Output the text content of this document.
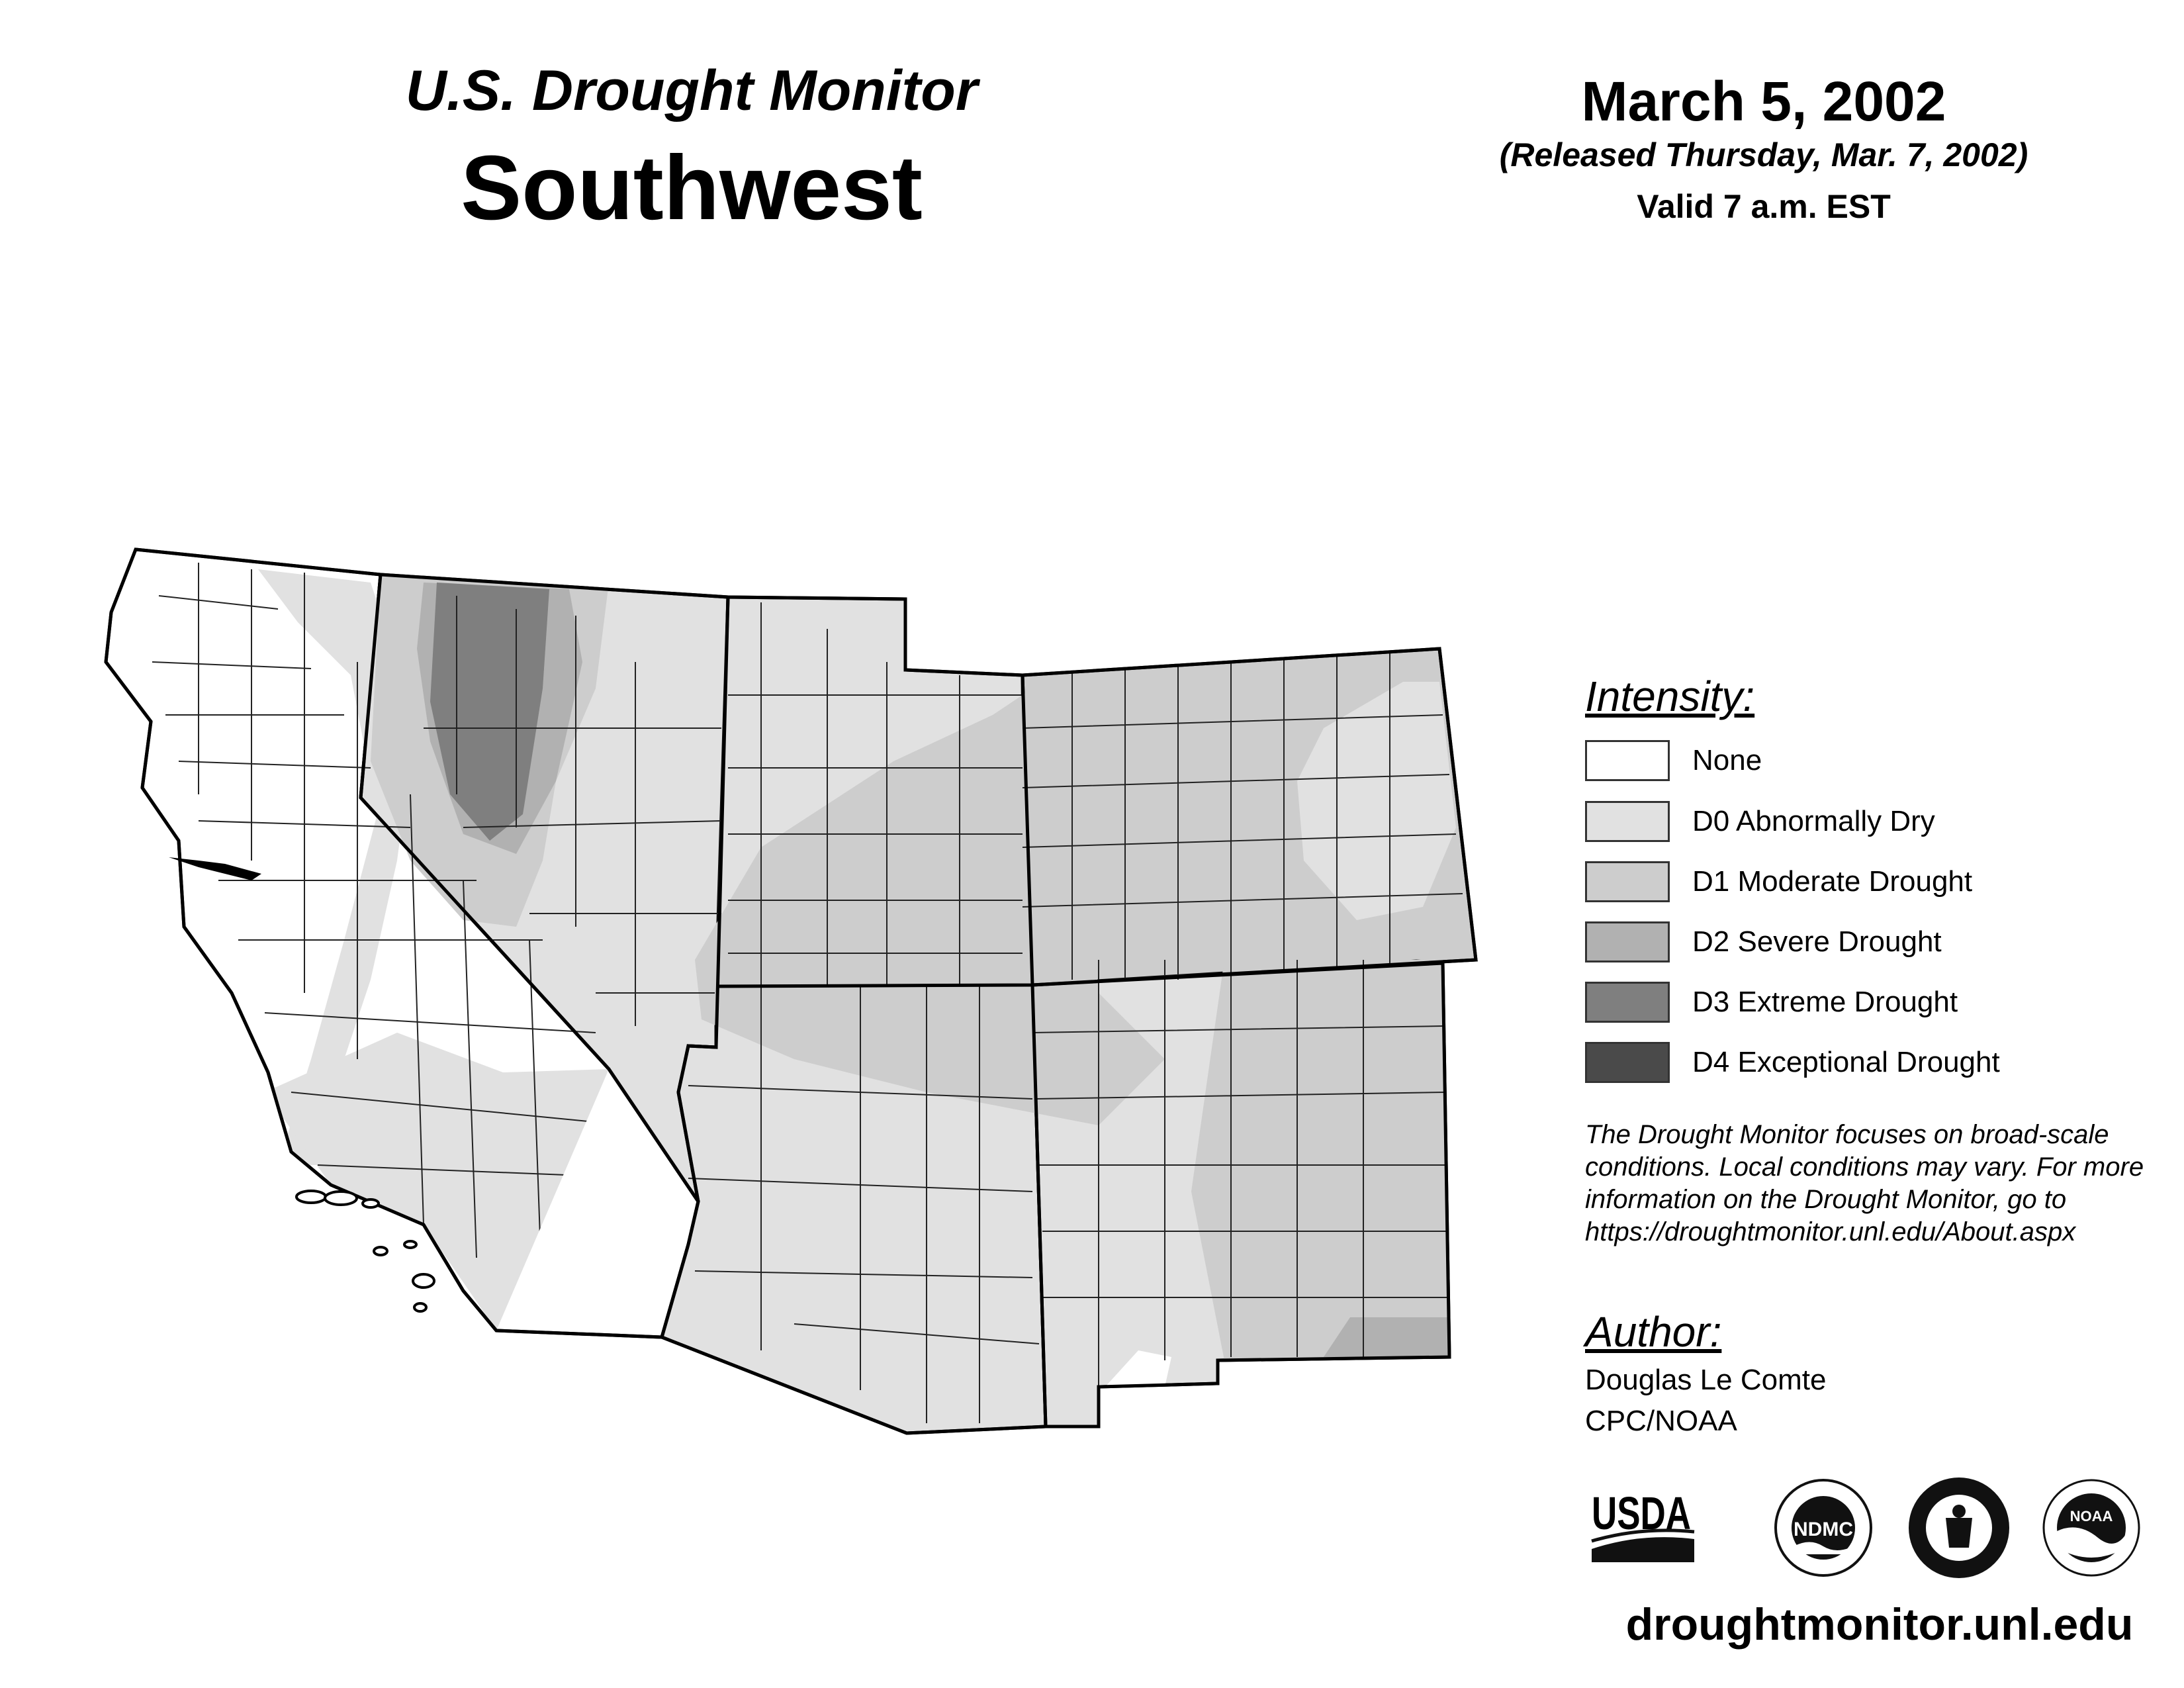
U.S. Drought Monitor
Southwest
March 5, 2002
(Released Thursday, Mar. 7, 2002)
Valid 7 a.m. EST
Intensity:
None
D0 Abnormally Dry
D1 Moderate Drought
D2 Severe Drought
D3 Extreme Drought
D4 Exceptional Drought
The Drought Monitor focuses on broad-scale conditions. Local conditions may vary. For more information on the Drought Monitor, go to https://droughtmonitor.unl.edu/About.aspx
Author:
Douglas Le Comte
CPC/NOAA
USDA	NDMC
NOAA
droughtmonitor.unl.edu
